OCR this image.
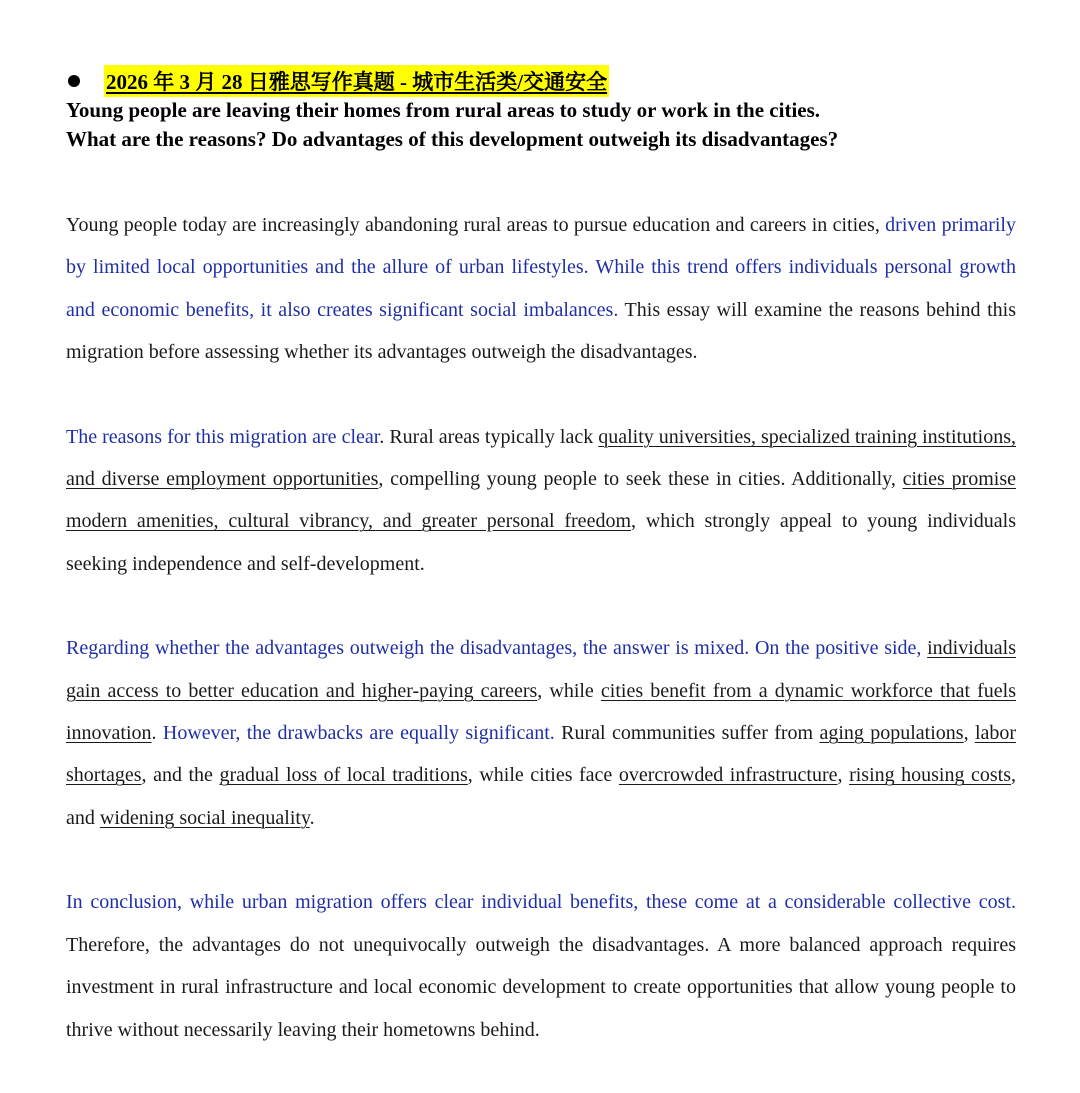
2026 年 3 月 28 日雅思写作真题 - 城市生活类/交通安全
Young people are leaving their homes from rural areas to study or work in the cities.
What are the reasons? Do advantages of this development outweigh its disadvantages?

Young people today are increasingly abandoning rural areas to pursue education and careers in cities, driven primarily by limited local opportunities and the allure of urban lifestyles. While this trend offers individuals personal growth and economic benefits, it also creates significant social imbalances. This essay will examine the reasons behind this migration before assessing whether its advantages outweigh the disadvantages.

The reasons for this migration are clear. Rural areas typically lack quality universities, specialized training institutions, and diverse employment opportunities, compelling young people to seek these in cities. Additionally, cities promise modern amenities, cultural vibrancy, and greater personal freedom, which strongly appeal to young individuals seeking independence and self-development.

Regarding whether the advantages outweigh the disadvantages, the answer is mixed. On the positive side, individuals gain access to better education and higher-paying careers, while cities benefit from a dynamic workforce that fuels innovation. However, the drawbacks are equally significant. Rural communities suffer from aging populations, labor shortages, and the gradual loss of local traditions, while cities face overcrowded infrastructure, rising housing costs, and widening social inequality.

In conclusion, while urban migration offers clear individual benefits, these come at a considerable collective cost. Therefore, the advantages do not unequivocally outweigh the disadvantages. A more balanced approach requires investment in rural infrastructure and local economic development to create opportunities that allow young people to thrive without necessarily leaving their hometowns behind.
